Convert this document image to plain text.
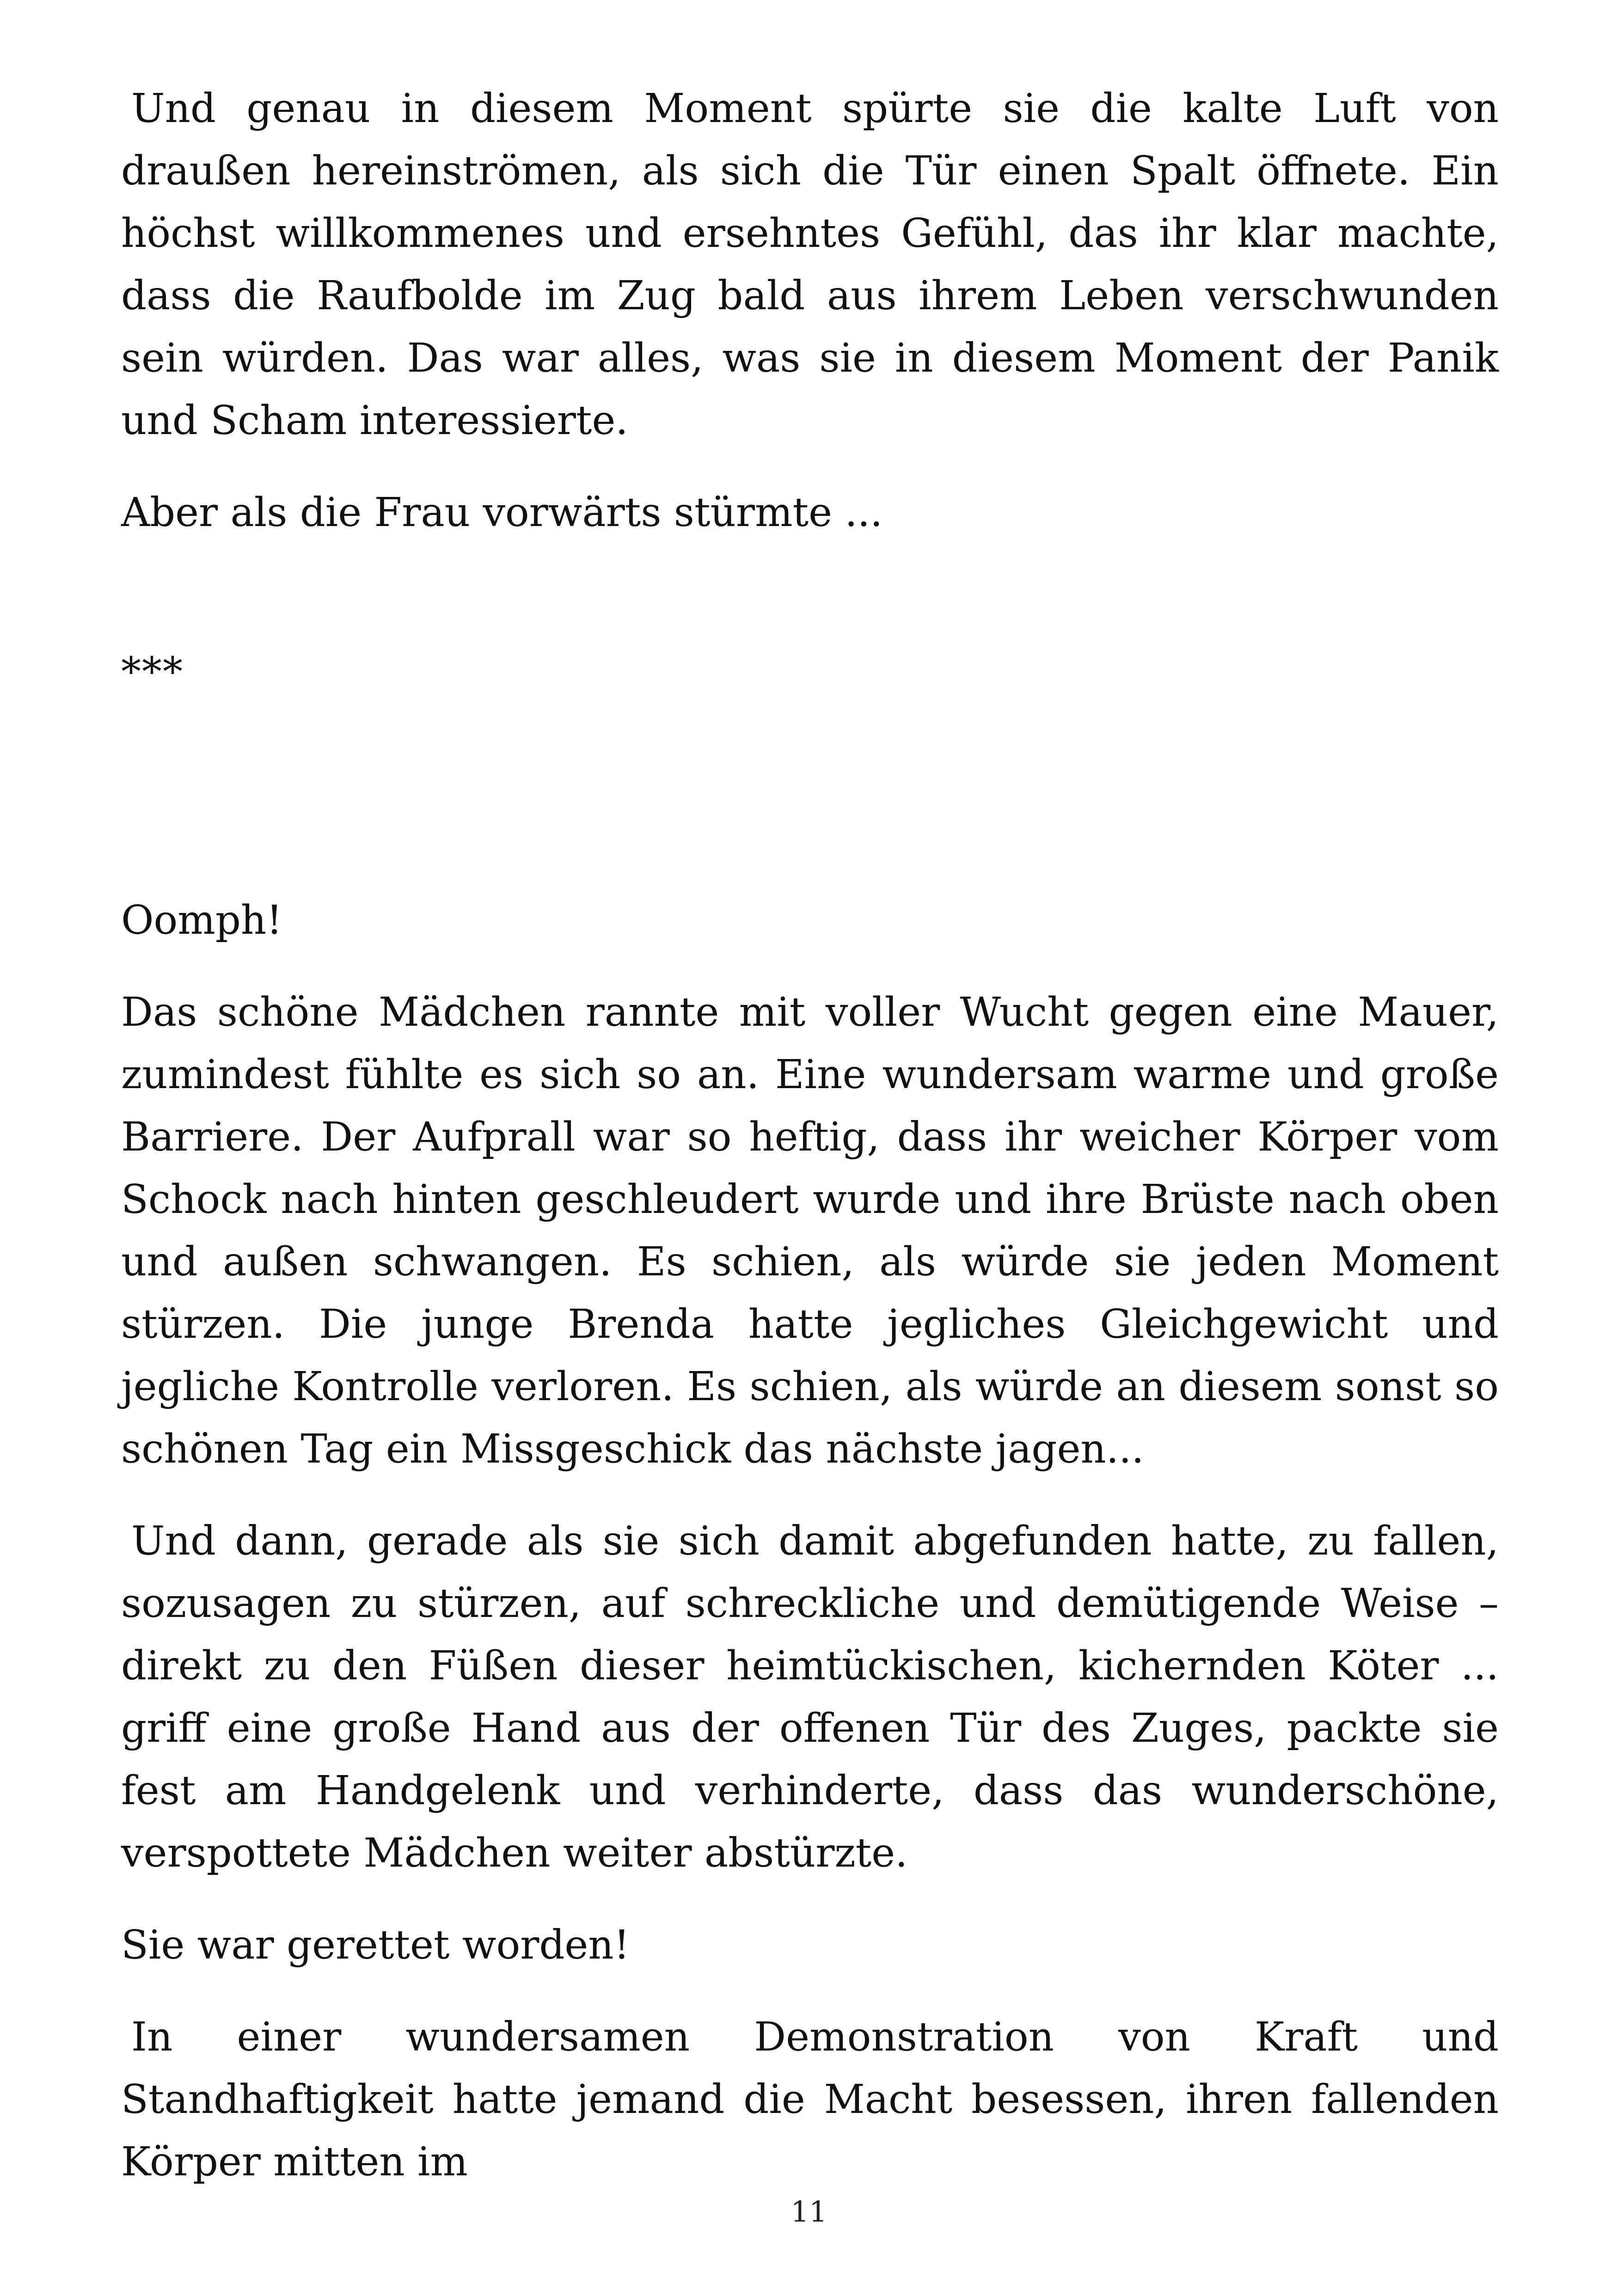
Und genau in diesem Moment spürte sie die kalte Luft von draußen hereinströmen, als sich die Tür einen Spalt öffnete. Ein höchst willkommenes und ersehntes Gefühl, das ihr klar machte, dass die Raufbolde im Zug bald aus ihrem Leben verschwunden sein würden. Das war alles, was sie in diesem Moment der Panik und Scham interessierte.

Aber als die Frau vorwärts stürmte ...

***

Oomph!

Das schöne Mädchen rannte mit voller Wucht gegen eine Mauer, zumindest fühlte es sich so an. Eine wundersam warme und große Barriere. Der Aufprall war so heftig, dass ihr weicher Körper vom Schock nach hinten geschleudert wurde und ihre Brüste nach oben und außen schwangen. Es schien, als würde sie jeden Moment stürzen. Die junge Brenda hatte jegliches Gleichgewicht und jegliche Kontrolle verloren. Es schien, als würde an diesem sonst so schönen Tag ein Missgeschick das nächste jagen...

Und dann, gerade als sie sich damit abgefunden hatte, zu fallen, sozusagen zu stürzen, auf schreckliche und demütigende Weise – direkt zu den Füßen dieser heimtückischen, kichernden Köter ... griff eine große Hand aus der offenen Tür des Zuges, packte sie fest am Handgelenk und verhinderte, dass das wunderschöne, verspottete Mädchen weiter abstürzte.

Sie war gerettet worden!

In einer wundersamen Demonstration von Kraft und Standhaftigkeit hatte jemand die Macht besessen, ihren fallenden Körper mitten im

11
